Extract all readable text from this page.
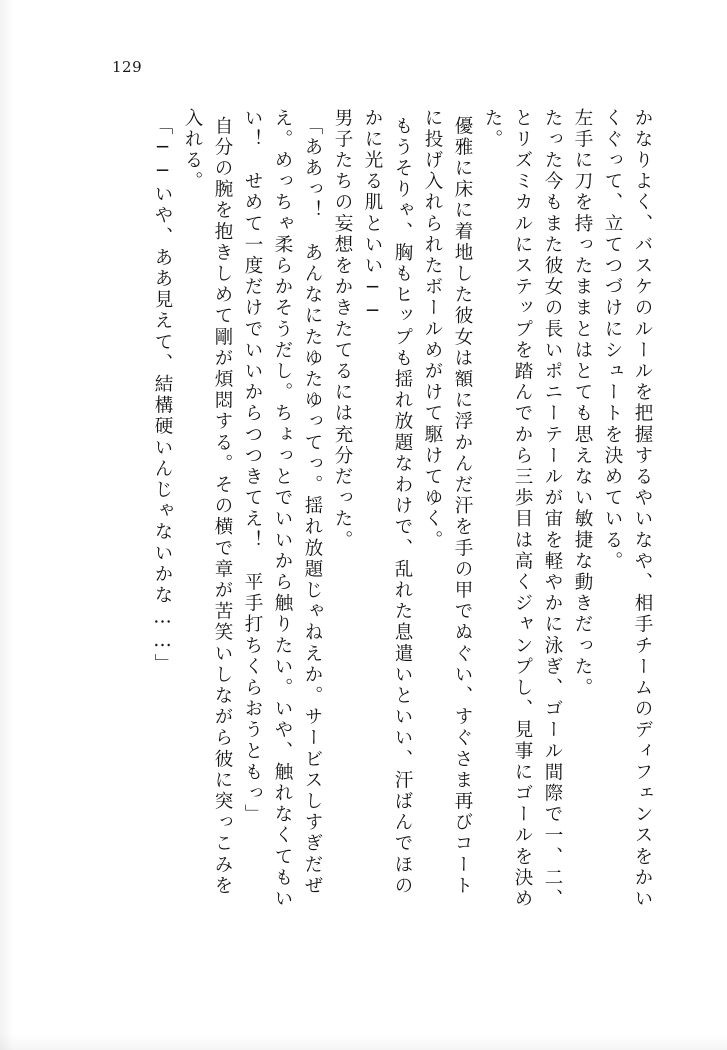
129
かなりよく、バスケのルールを把握するやいなや、相手チームのディフェンスをかい
くぐって、立てつづけにシュートを決めている。
左手に刀を持ったままとはとても思えない敏捷な動きだった。
たった今もまた彼女の長いポニーテールが宙を軽やかに泳ぎ、ゴール間際で一、二、
とリズミカルにステップを踏んでから三歩目は高くジャンプし、見事にゴールを決め
た。
優雅に床に着地した彼女は額に浮かんだ汗を手の甲でぬぐい、すぐさま再びコート
に投げ入れられたボールめがけて駆けてゆく。
もうそりゃ、胸もヒップも揺れ放題なわけで、乱れた息遣いといい、汗ばんでほの
かに光る肌といい──
男子たちの妄想をかきたてるには充分だった。
「ああっ！　あんなにたゆたゆってっ。揺れ放題じゃねえか。サービスしすぎだぜ
え。めっちゃ柔らかそうだし。ちょっとでいいから触りたい。いや、触れなくてもい
い！　せめて一度だけでいいからつつきてえ！　平手打ちくらおうともっ」
自分の腕を抱きしめて剛が煩悶する。その横で章が苦笑いしながら彼に突っこみを
入れる。
「──いや、ああ見えて、結構硬いんじゃないかな……」
